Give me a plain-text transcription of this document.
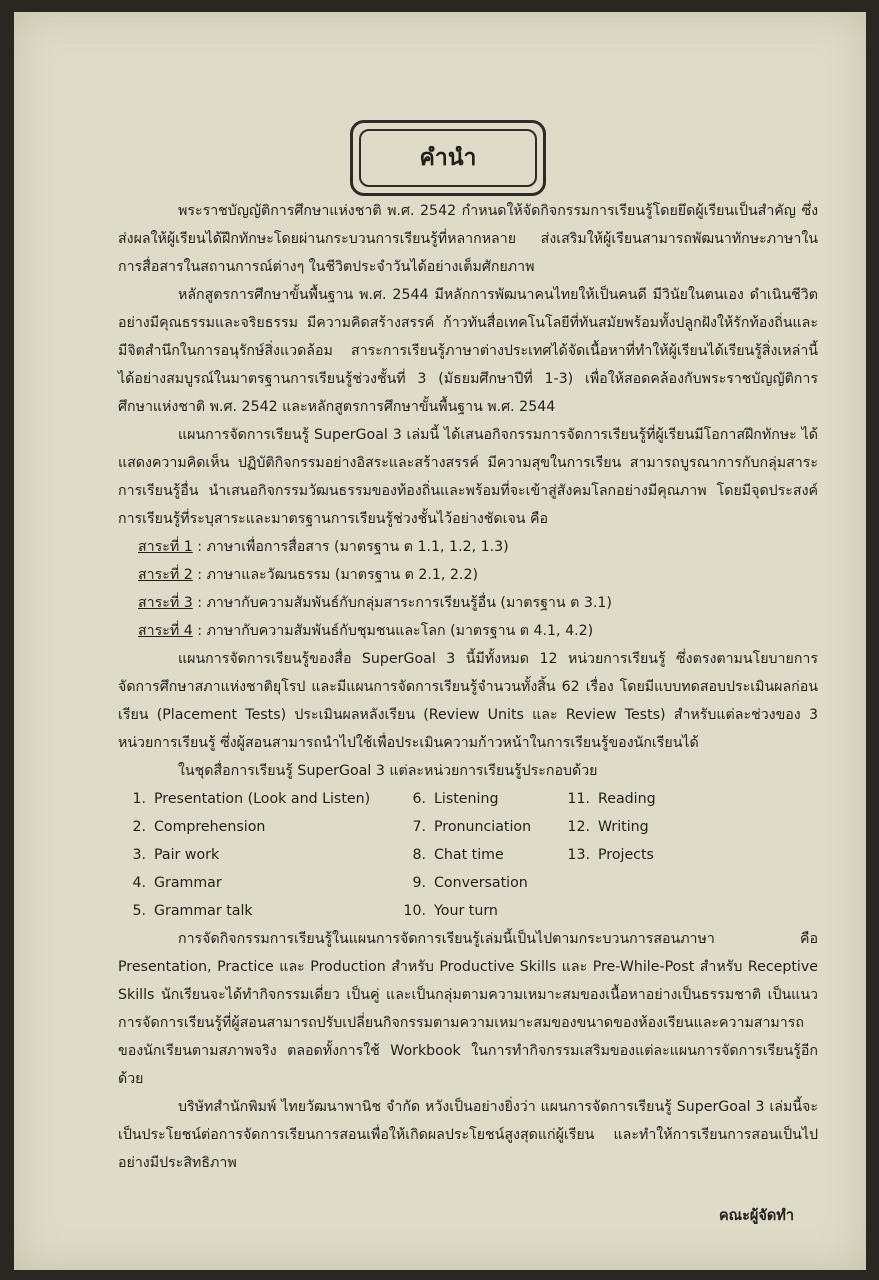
คำนำ

พระราชบัญญัติการศึกษาแห่งชาติ พ.ศ. 2542 กำหนดให้จัดกิจกรรมการเรียนรู้โดยยึดผู้เรียนเป็นสำคัญ ซึ่งส่งผลให้ผู้เรียนได้ฝึกทักษะโดยผ่านกระบวนการเรียนรู้ที่หลากหลาย ส่งเสริมให้ผู้เรียนสามารถพัฒนาทักษะภาษาในการสื่อสารในสถานการณ์ต่างๆ ในชีวิตประจำวันได้อย่างเต็มศักยภาพ

หลักสูตรการศึกษาขั้นพื้นฐาน พ.ศ. 2544 มีหลักการพัฒนาคนไทยให้เป็นคนดี มีวินัยในตนเอง ดำเนินชีวิตอย่างมีคุณธรรมและจริยธรรม มีความคิดสร้างสรรค์ ก้าวทันสื่อเทคโนโลยีที่ทันสมัยพร้อมทั้งปลูกฝังให้รักท้องถิ่นและมีจิตสำนึกในการอนุรักษ์สิ่งแวดล้อม สาระการเรียนรู้ภาษาต่างประเทศได้จัดเนื้อหาที่ทำให้ผู้เรียนได้เรียนรู้สิ่งเหล่านี้ได้อย่างสมบูรณ์ในมาตรฐานการเรียนรู้ช่วงชั้นที่ 3 (มัธยมศึกษาปีที่ 1-3) เพื่อให้สอดคล้องกับพระราชบัญญัติการศึกษาแห่งชาติ พ.ศ. 2542 และหลักสูตรการศึกษาขั้นพื้นฐาน พ.ศ. 2544

แผนการจัดการเรียนรู้ SuperGoal 3 เล่มนี้ ได้เสนอกิจกรรมการจัดการเรียนรู้ที่ผู้เรียนมีโอกาสฝึกทักษะ ได้แสดงความคิดเห็น ปฏิบัติกิจกรรมอย่างอิสระและสร้างสรรค์ มีความสุขในการเรียน สามารถบูรณาการกับกลุ่มสาระการเรียนรู้อื่น นำเสนอกิจกรรมวัฒนธรรมของท้องถิ่นและพร้อมที่จะเข้าสู่สังคมโลกอย่างมีคุณภาพ โดยมีจุดประสงค์การเรียนรู้ที่ระบุสาระและมาตรฐานการเรียนรู้ช่วงชั้นไว้อย่างชัดเจน คือ

สาระที่ 1 : ภาษาเพื่อการสื่อสาร (มาตรฐาน ต 1.1, 1.2, 1.3)
สาระที่ 2 : ภาษาและวัฒนธรรม (มาตรฐาน ต 2.1, 2.2)
สาระที่ 3 : ภาษากับความสัมพันธ์กับกลุ่มสาระการเรียนรู้อื่น (มาตรฐาน ต 3.1)
สาระที่ 4 : ภาษากับความสัมพันธ์กับชุมชนและโลก (มาตรฐาน ต 4.1, 4.2)

แผนการจัดการเรียนรู้ของสื่อ SuperGoal 3 นี้มีทั้งหมด 12 หน่วยการเรียนรู้ ซึ่งตรงตามนโยบายการจัดการศึกษาสภาแห่งชาติยุโรป และมีแผนการจัดการเรียนรู้จำนวนทั้งสิ้น 62 เรื่อง โดยมีแบบทดสอบประเมินผลก่อนเรียน (Placement Tests) ประเมินผลหลังเรียน (Review Units และ Review Tests) สำหรับแต่ละช่วงของ 3 หน่วยการเรียนรู้ ซึ่งผู้สอนสามารถนำไปใช้เพื่อประเมินความก้าวหน้าในการเรียนรู้ของนักเรียนได้

ในชุดสื่อการเรียนรู้ SuperGoal 3 แต่ละหน่วยการเรียนรู้ประกอบด้วย

1. Presentation (Look and Listen)
2. Comprehension
3. Pair work
4. Grammar
5. Grammar talk
6. Listening
7. Pronunciation
8. Chat time
9. Conversation
10. Your turn
11. Reading
12. Writing
13. Projects

การจัดกิจกรรมการเรียนรู้ในแผนการจัดการเรียนรู้เล่มนี้เป็นไปตามกระบวนการสอนภาษา คือ Presentation, Practice และ Production สำหรับ Productive Skills และ Pre-While-Post สำหรับ Receptive Skills นักเรียนจะได้ทำกิจกรรมเดี่ยว เป็นคู่ และเป็นกลุ่มตามความเหมาะสมของเนื้อหาอย่างเป็นธรรมชาติ เป็นแนวการจัดการเรียนรู้ที่ผู้สอนสามารถปรับเปลี่ยนกิจกรรมตามความเหมาะสมของขนาดของห้องเรียนและความสามารถของนักเรียนตามสภาพจริง ตลอดทั้งการใช้ Workbook ในการทำกิจกรรมเสริมของแต่ละแผนการจัดการเรียนรู้อีกด้วย

บริษัทสำนักพิมพ์ ไทยวัฒนาพานิช จำกัด หวังเป็นอย่างยิ่งว่า แผนการจัดการเรียนรู้ SuperGoal 3 เล่มนี้จะเป็นประโยชน์ต่อการจัดการเรียนการสอนเพื่อให้เกิดผลประโยชน์สูงสุดแก่ผู้เรียน และทำให้การเรียนการสอนเป็นไปอย่างมีประสิทธิภาพ

คณะผู้จัดทำ
